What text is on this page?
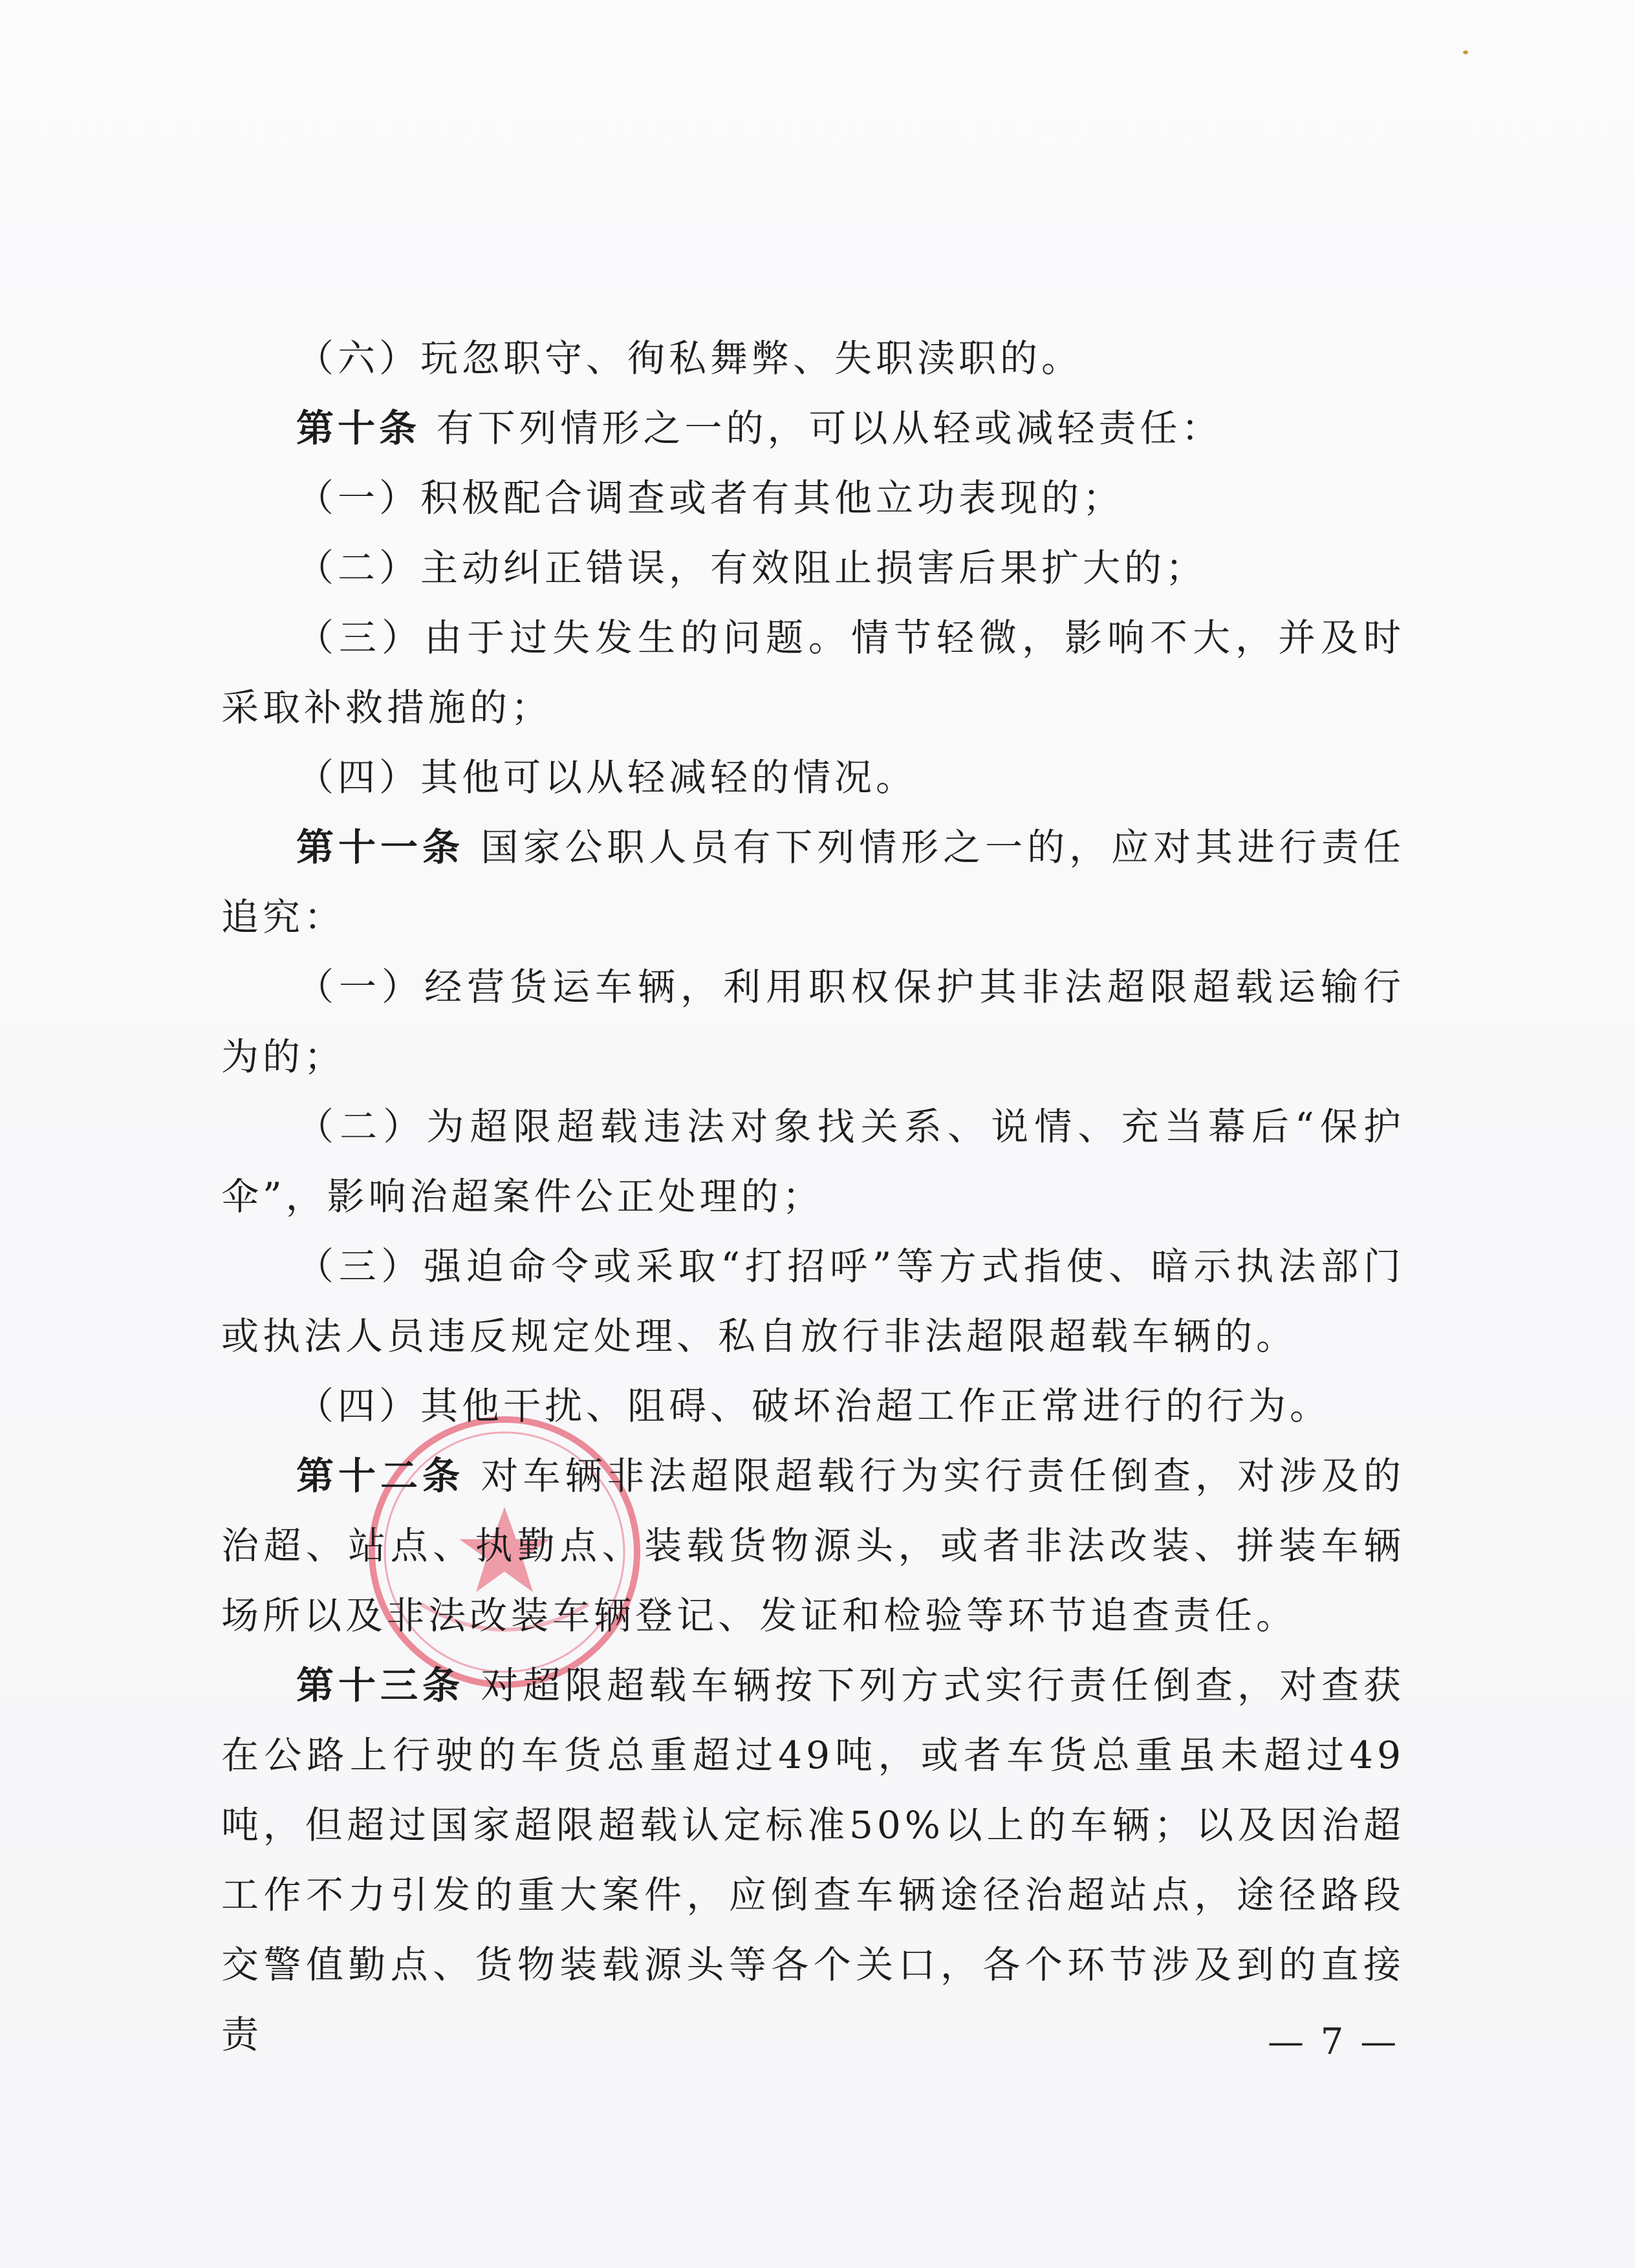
（六）玩忽职守、徇私舞弊、失职渎职的。

第十条 有下列情形之一的，可以从轻或减轻责任：

（一）积极配合调查或者有其他立功表现的；

（二）主动纠正错误，有效阻止损害后果扩大的；

（三）由于过失发生的问题。情节轻微，影响不大，并及时采取补救措施的；

（四）其他可以从轻减轻的情况。

第十一条 国家公职人员有下列情形之一的，应对其进行责任追究：

（一）经营货运车辆，利用职权保护其非法超限超载运输行为的；

（二）为超限超载违法对象找关系、说情、充当幕后“保护伞”，影响治超案件公正处理的；

（三）强迫命令或采取“打招呼”等方式指使、暗示执法部门或执法人员违反规定处理、私自放行非法超限超载车辆的。

（四）其他干扰、阻碍、破坏治超工作正常进行的行为。

第十二条 对车辆非法超限超载行为实行责任倒查，对涉及的治超、站点、执勤点、装载货物源头，或者非法改装、拼装车辆场所以及非法改装车辆登记、发证和检验等环节追查责任。

第十三条 对超限超载车辆按下列方式实行责任倒查，对查获在公路上行驶的车货总重超过49吨，或者车货总重虽未超过49吨，但超过国家超限超载认定标准50%以上的车辆；以及因治超工作不力引发的重大案件，应倒查车辆途径治超站点，途径路段交警值勤点、货物装载源头等各个关口，各个环节涉及到的直接责	— 7 —
